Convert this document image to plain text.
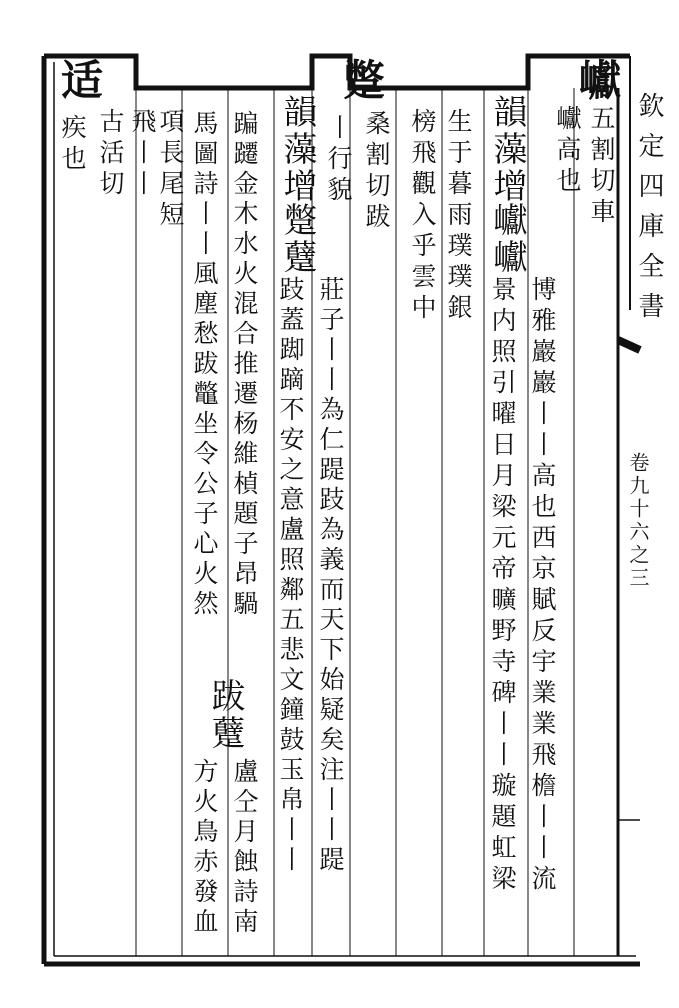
欽定四庫全書
卷九十六之三
巘
五割切車
巘高也
韻藻增
巘巘
博雅巖巖丨丨高也西京賦反宇業業飛檐丨丨流
景内照引曜日月梁元帝曠野寺碑丨丨璇題虹梁
生于暮雨璞璞銀
榜飛觀入乎雲中
蹩
桑割切跋
丨行貌
韻藻增
蹩躠
莊子丨丨為仁踶跂為義而天下始疑矣注丨丨踶
跂蓋踋蹢不安之意盧照鄰五悲文鐘鼓玉帛丨丨
蹁躚金木水火混合推遷杨維楨題子昂騧
跋躠
盧仝月蝕詩南
馬圖詩丨丨風塵愁跋鼈坐令公子心火然
方火鳥赤發血
項長尾短
飛丨丨
适
古活切
疾也
